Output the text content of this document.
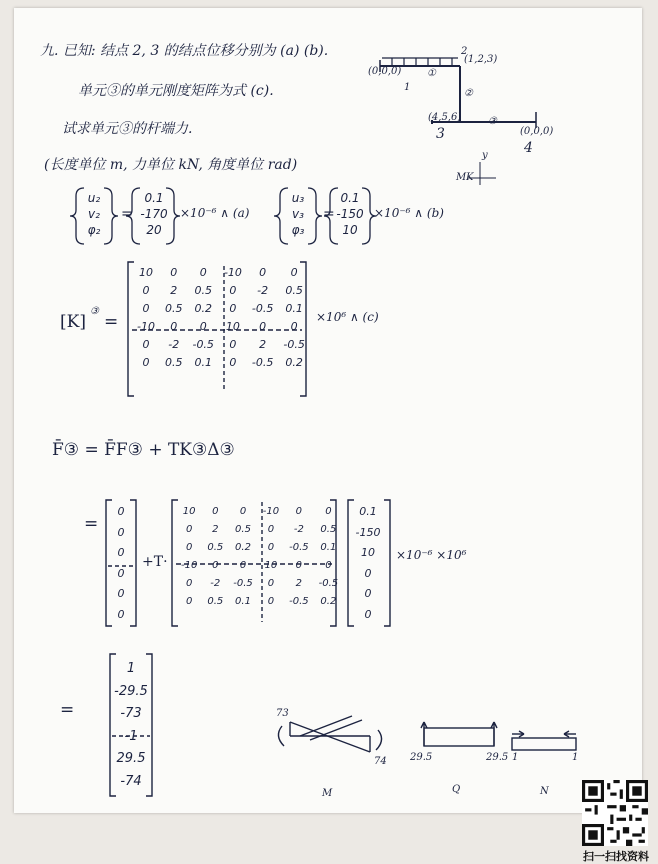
九. 已知: 结点 2, 3 的结点位移分别为 (a) (b).
单元③的单元刚度矩阵为式 (c).
试求单元③的杆端力.
(长度单位 m, 力单位 kN, 角度单位 rad)
(0,0,0)
1
①
(1,2,3)
2
②
(4,5,6)
3
③
(0,0,0)
4
y
M K
u₂
v₂
φ₂
=
0.1
-170
20
×10⁻⁶ ∧ (a)
u₃
v₃
φ₃
=
0.1
-150
10
×10⁻⁶ ∧ (b)
[K]
③
=
10	0	0	-10	0	0
0	2	0.5	0	-2	0.5
0	0.5	0.2	0	-0.5	0.1
-10	0	0	10	0	0
0	-2	-0.5	0	2	-0.5
0	0.5	0.1	0	-0.5	0.2
×10⁶ ∧ (c)
F̄③ = F̄F③ + TK③Δ③
=
0
0
0
0
0
0
+T·
10	0	0	-10	0	0
0	2	0.5	0	-2	0.5
0	0.5	0.2	0	-0.5	0.1
-10	0	0	10	0	0
0	-2	-0.5	0	2	-0.5
0	0.5	0.1	0	-0.5	0.2
0.1
-150
10
0
0
0
×10⁻⁶ ×10⁶
=
1
-29.5
-73
-1
29.5
-74
73
74
M
29.5	29.5
Q
1	1
N
扫一扫找资料
